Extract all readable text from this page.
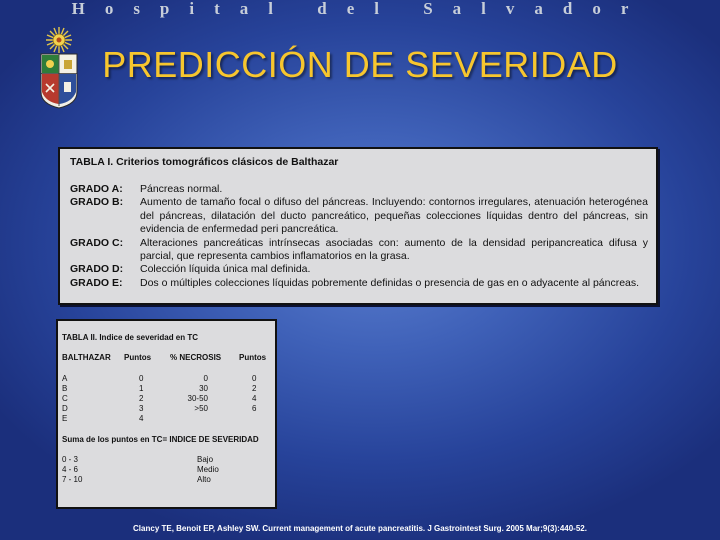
Hospital del Salvador
PREDICCIÓN DE SEVERIDAD
TABLA I. Criterios tomográficos clásicos de Balthazar
GRADO A:	Páncreas normal.
GRADO B:	Aumento de tamaño focal o difuso del páncreas. Incluyendo: contornos irregulares, atenuación heterogénea del páncreas, dilatación del ducto pancreático, pequeñas colecciones líquidas dentro del páncreas, sin evidencia de enfermedad peri pancreática.
GRADO C:	Alteraciones pancreáticas intrínsecas asociadas con: aumento de la densidad peripancreatica difusa y parcial, que representa cambios inflamatorios en la grasa.
GRADO D:	Colección líquida única mal definida.
GRADO E:	Dos o múltiples colecciones líquidas pobremente definidas o presencia de gas en o adyacente al páncreas.
TABLA II. Indice de severidad en TC
BALTHAZAR Puntos % NECROSIS Puntos
A	0	0	0
B	1	30	2
C	2	30-50	4
D	3	>50	6
E	4
Suma de los puntos en TC= INDICE DE SEVERIDAD
0 - 3	Bajo
4 - 6	Medio
7 - 10	Alto
Clancy TE, Benoit EP, Ashley SW. Current management of acute pancreatitis. J Gastrointest Surg. 2005 Mar;9(3):440-52.
